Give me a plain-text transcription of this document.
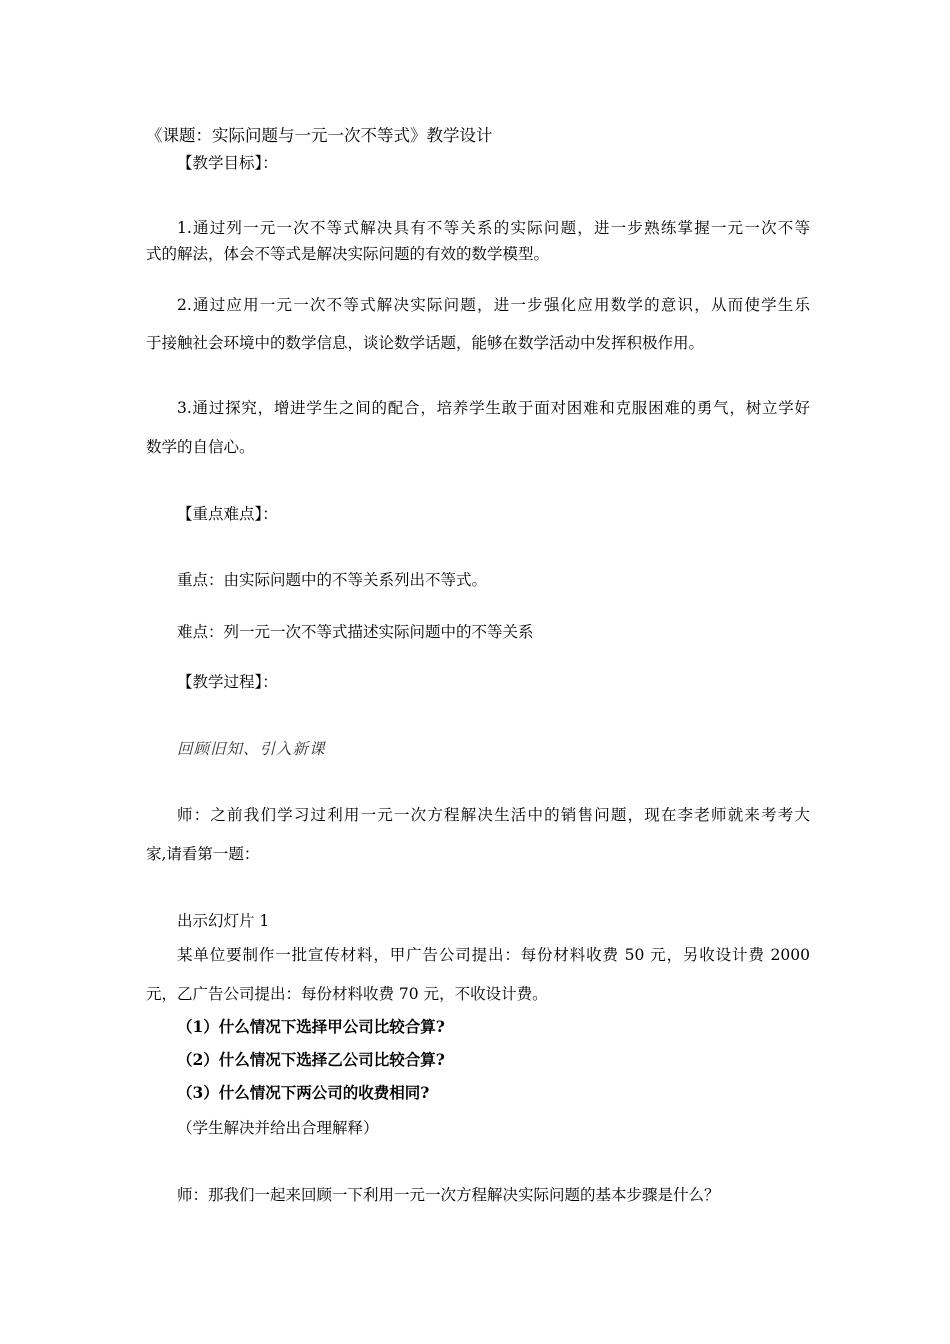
《课题：实际问题与一元一次不等式》教学设计
【教学目标】：
1.通过列一元一次不等式解决具有不等关系的实际问题，进一步熟练掌握一元一次不等
式的解法，体会不等式是解决实际问题的有效的数学模型。
2.通过应用一元一次不等式解决实际问题，进一步强化应用数学的意识，从而使学生乐
于接触社会环境中的数学信息，谈论数学话题，能够在数学活动中发挥积极作用。
3.通过探究，增进学生之间的配合，培养学生敢于面对困难和克服困难的勇气，树立学好
数学的自信心。
【重点难点】：
重点：由实际问题中的不等关系列出不等式。
难点：列一元一次不等式描述实际问题中的不等关系
【教学过程】：
回顾旧知、引入新课
师：之前我们学习过利用一元一次方程解决生活中的销售问题，现在李老师就来考考大
家,请看第一题：
出示幻灯片 1
某单位要制作一批宣传材料，甲广告公司提出：每份材料收费 50 元，另收设计费 2000
元，乙广告公司提出：每份材料收费 70 元，不收设计费。
（1）什么情况下选择甲公司比较合算?
（2）什么情况下选择乙公司比较合算?
（3）什么情况下两公司的收费相同?
（学生解决并给出合理解释）
师：那我们一起来回顾一下利用一元一次方程解决实际问题的基本步骤是什么？
